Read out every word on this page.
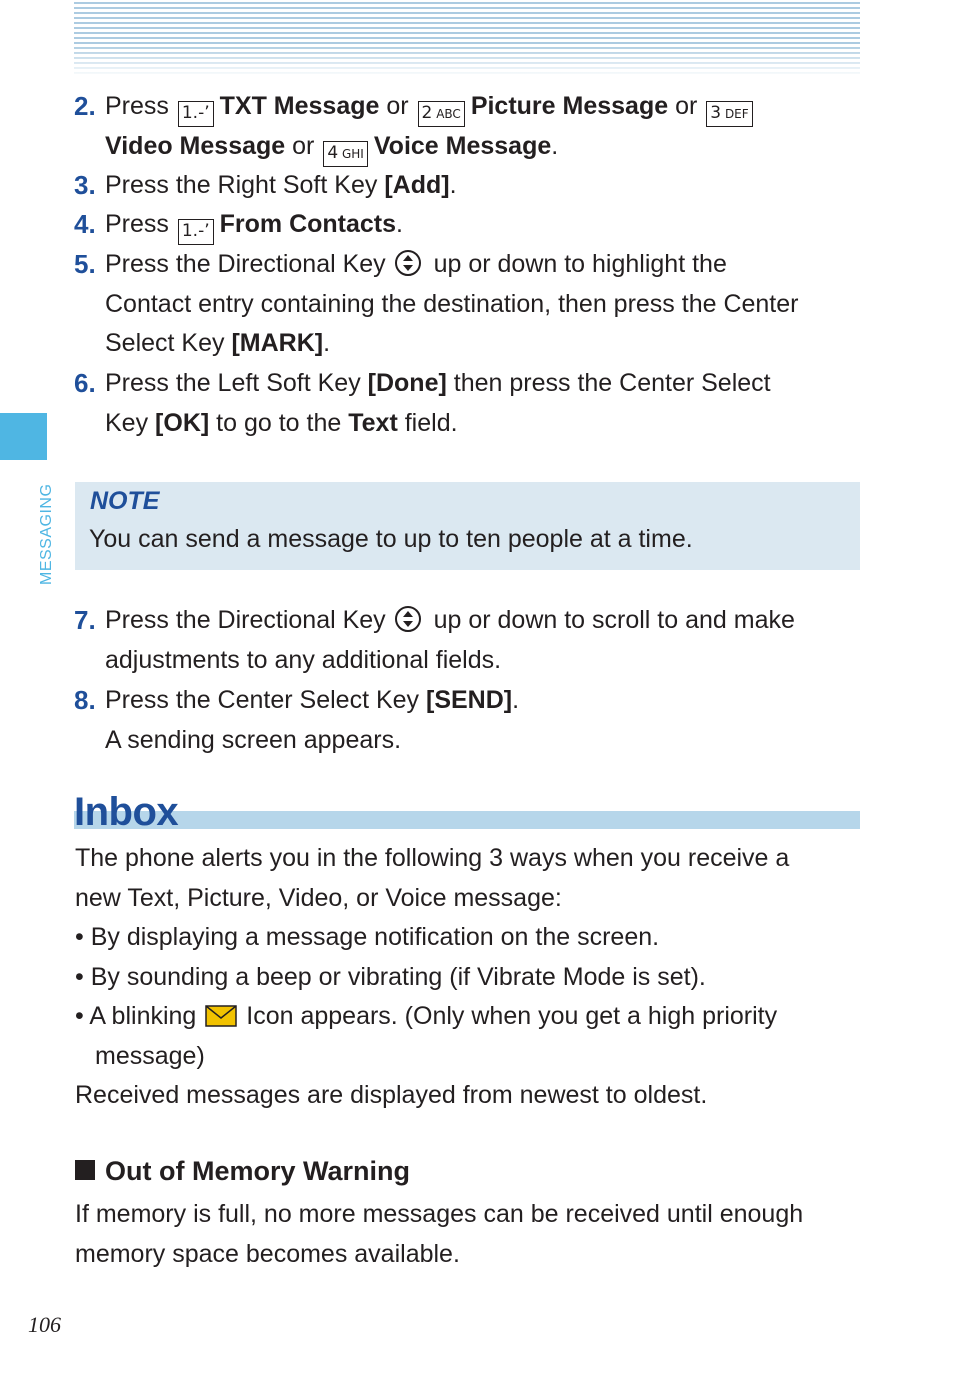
MESSAGING
2. Press 1.-’ TXT Message or 2 ABC Picture Message or 3 DEF
Video Message or 4 GHI Voice Message.
3. Press the Right Soft Key [Add].
4. Press 1.-’ From Contacts.
5. Press the Directional Key up or down to highlight the
Contact entry containing the destination, then press the Center
Select Key [MARK].
6. Press the Left Soft Key [Done] then press the Center Select
Key [OK] to go to the Text field.
NOTE
You can send a message to up to ten people at a time.
7. Press the Directional Key up or down to scroll to and make
adjustments to any additional fields.
8. Press the Center Select Key [SEND].
A sending screen appears.
Inbox
The phone alerts you in the following 3 ways when you receive a
new Text, Picture, Video, or Voice message:
• By displaying a message notification on the screen.
• By sounding a beep or vibrating (if Vibrate Mode is set).
• A blinking Icon appears. (Only when you get a high priority
message)
Received messages are displayed from newest to oldest.
Out of Memory Warning
If memory is full, no more messages can be received until enough
memory space becomes available.
106
